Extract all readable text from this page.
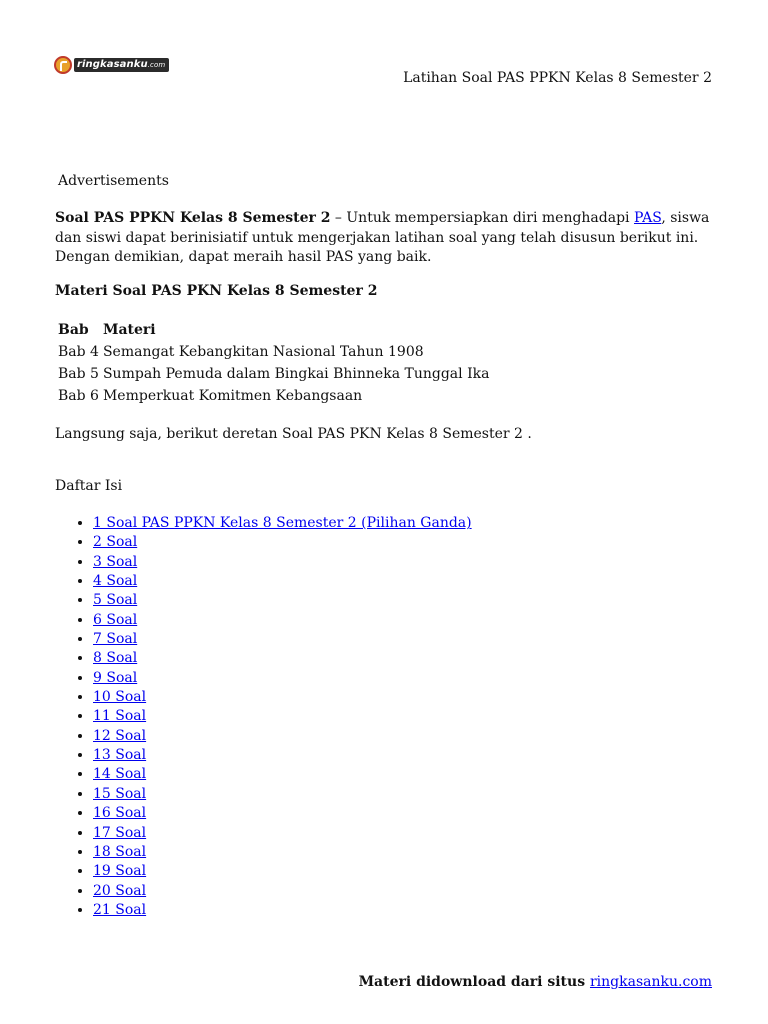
ringkasanku.com
Latihan Soal PAS PPKN Kelas 8 Semester 2
Advertisements

Soal PAS PPKN Kelas 8 Semester 2 – Untuk mempersiapkan diri menghadapi PAS, siswa dan siswi dapat berinisiatif untuk mengerjakan latihan soal yang telah disusun berikut ini. Dengan demikian, dapat meraih hasil PAS yang baik.

Materi Soal PAS PKN Kelas 8 Semester 2
Bab	Materi
Bab 4	Semangat Kebangkitan Nasional Tahun 1908
Bab 5	Sumpah Pemuda dalam Bingkai Bhinneka Tunggal Ika
Bab 6	Memperkuat Komitmen Kebangsaan
Langsung saja, berikut deretan Soal PAS PKN Kelas 8 Semester 2 .
Daftar Isi
• 1 Soal PAS PPKN Kelas 8 Semester 2 (Pilihan Ganda)
• 2 Soal
• 3 Soal
• 4 Soal
• 5 Soal
• 6 Soal
• 7 Soal
• 8 Soal
• 9 Soal
• 10 Soal
• 11 Soal
• 12 Soal
• 13 Soal
• 14 Soal
• 15 Soal
• 16 Soal
• 17 Soal
• 18 Soal
• 19 Soal
• 20 Soal
• 21 Soal
Materi didownload dari situs ringkasanku.com
